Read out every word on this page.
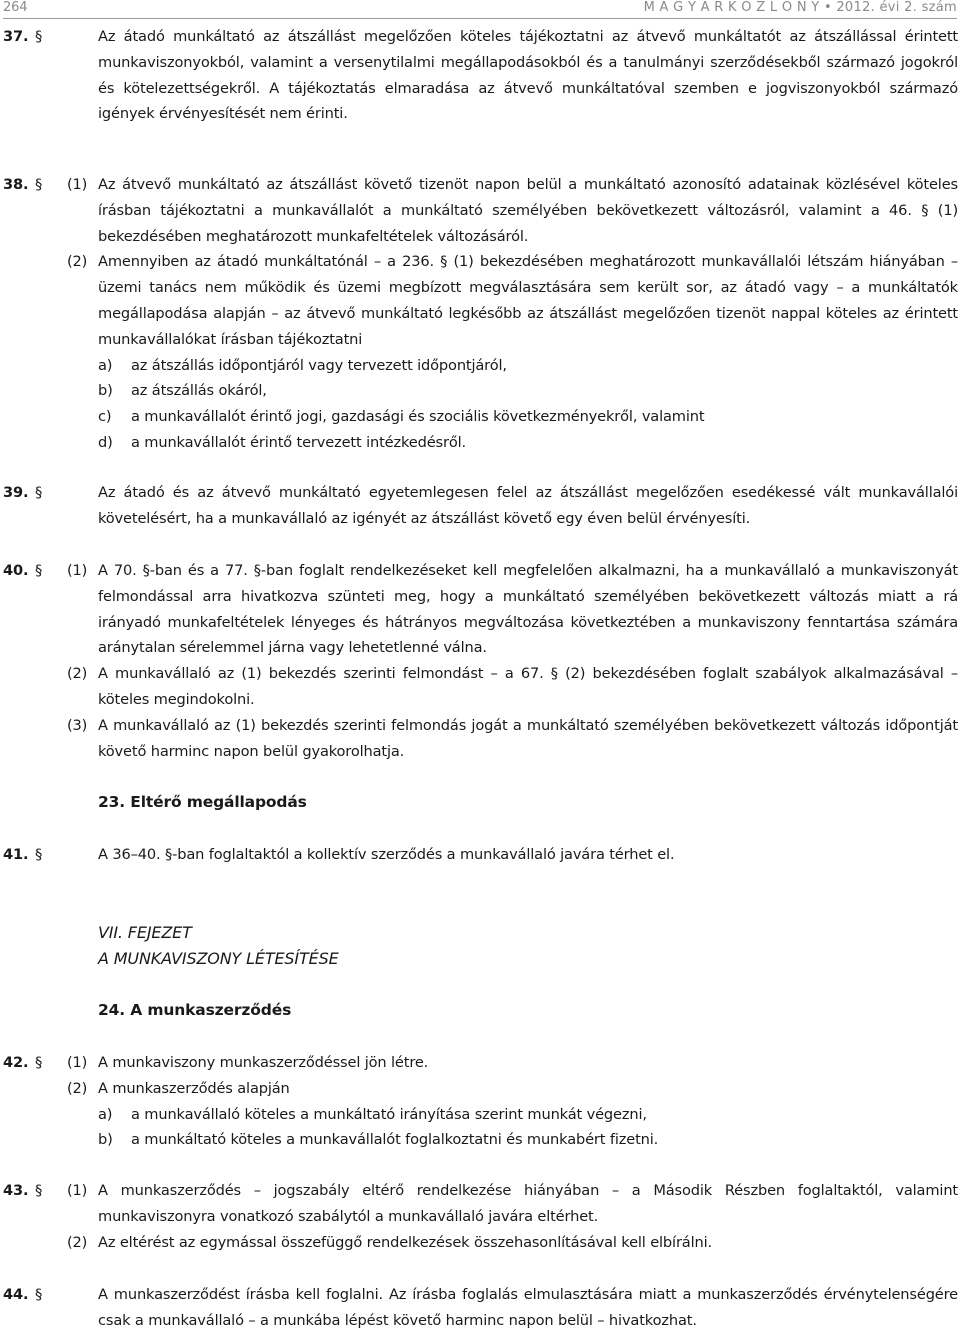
264	M A G Y A R K Ö Z L Ö N Y • 2012. évi 2. szám
37. §	Az átadó munkáltató az átszállást megelőzően köteles tájékoztatni az átvevő munkáltatót az átszállással érintett munkaviszonyokból, valamint a versenytilalmi megállapodásokból és a tanulmányi szerződésekből származó jogokról és kötelezettségekről. A tájékoztatás elmaradása az átvevő munkáltatóval szemben e jogviszonyokból származó igények érvényesítését nem érinti.
38. § (1) Az átvevő munkáltató az átszállást követő tizenöt napon belül a munkáltató azonosító adatainak közlésével köteles írásban tájékoztatni a munkavállalót a munkáltató személyében bekövetkezett változásról, valamint a 46. § (1) bekezdésében meghatározott munkafeltételek változásáról.
(2) Amennyiben az átadó munkáltatónál – a 236. § (1) bekezdésében meghatározott munkavállalói létszám hiányában – üzemi tanács nem működik és üzemi megbízott megválasztására sem került sor, az átadó vagy – a munkáltatók megállapodása alapján – az átvevő munkáltató legkésőbb az átszállást megelőzően tizenöt nappal köteles az érintett munkavállalókat írásban tájékoztatni
a) az átszállás időpontjáról vagy tervezett időpontjáról,
b) az átszállás okáról,
c) a munkavállalót érintő jogi, gazdasági és szociális következményekről, valamint
d) a munkavállalót érintő tervezett intézkedésről.
39. §	Az átadó és az átvevő munkáltató egyetemlegesen felel az átszállást megelőzően esedékessé vált munkavállalói követelésért, ha a munkavállaló az igényét az átszállást követő egy éven belül érvényesíti.
40. § (1) A 70. §-ban és a 77. §-ban foglalt rendelkezéseket kell megfelelően alkalmazni, ha a munkavállaló a munkaviszonyát felmondással arra hivatkozva szünteti meg, hogy a munkáltató személyében bekövetkezett változás miatt a rá irányadó munkafeltételek lényeges és hátrányos megváltozása következtében a munkaviszony fenntartása számára aránytalan sérelemmel járna vagy lehetetlenné válna.
(2) A munkavállaló az (1) bekezdés szerinti felmondást – a 67. § (2) bekezdésében foglalt szabályok alkalmazásával – köteles megindokolni.
(3) A munkavállaló az (1) bekezdés szerinti felmondás jogát a munkáltató személyében bekövetkezett változás időpontját követő harminc napon belül gyakorolhatja.
23. Eltérő megállapodás
41. §	A 36–40. §-ban foglaltaktól a kollektív szerződés a munkavállaló javára térhet el.
VII. FEJEZET
A MUNKAVISZONY LÉTESÍTÉSE
24. A munkaszerződés
42. § (1) A munkaviszony munkaszerződéssel jön létre.
(2) A munkaszerződés alapján
a) a munkavállaló köteles a munkáltató irányítása szerint munkát végezni,
b) a munkáltató köteles a munkavállalót foglalkoztatni és munkabért fizetni.
43. § (1) A munkaszerződés – jogszabály eltérő rendelkezése hiányában – a Második Részben foglaltaktól, valamint munkaviszonyra vonatkozó szabálytól a munkavállaló javára eltérhet.
(2) Az eltérést az egymással összefüggő rendelkezések összehasonlításával kell elbírálni.
44. §	A munkaszerződést írásba kell foglalni. Az írásba foglalás elmulasztására miatt a munkaszerződés érvénytelenségére csak a munkavállaló – a munkába lépést követő harminc napon belül – hivatkozhat.
